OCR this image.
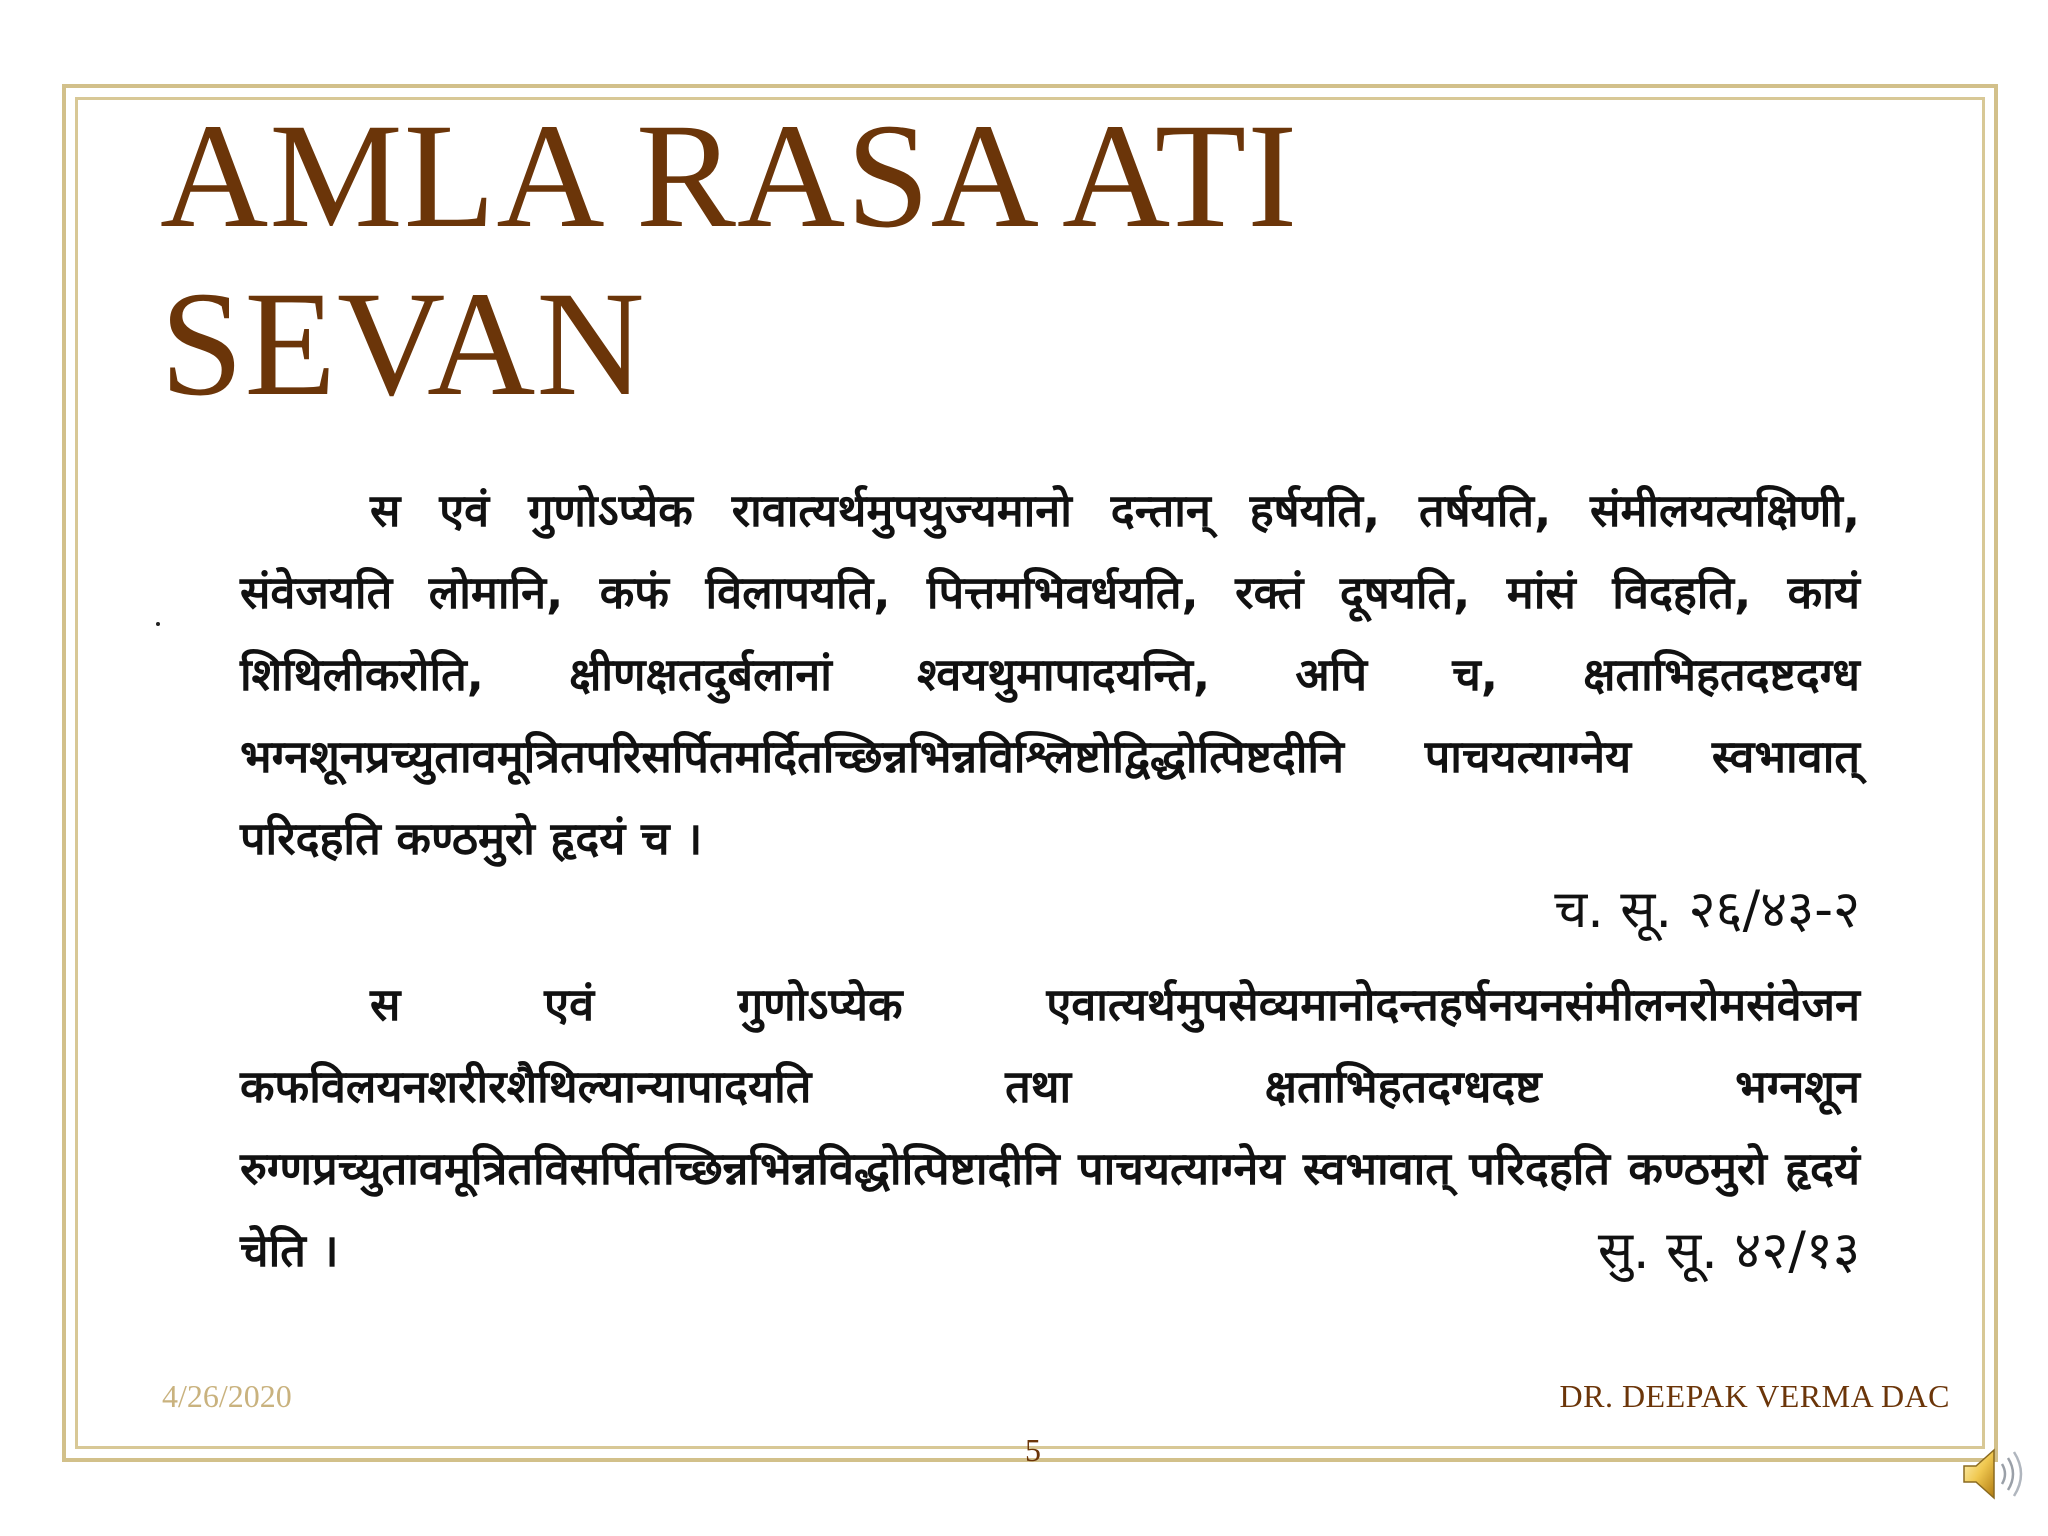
AMLA RASA ATI SEVAN

स एवं गुणोऽप्येक रावात्यर्थमुपयुज्यमानो दन्तान् हर्षयति, तर्षयति, संमीलयत्यक्षिणी, संवेजयति लोमानि, कफं विलापयति, पित्तमभिवर्धयति, रक्तं दूषयति, मांसं विदहति, कायं शिथिलीकरोति, क्षीणक्षतदुर्बलानां श्वयथुमापादयन्ति, अपि च, क्षताभिहतदष्टदग्ध भग्नशूनप्रच्युतावमूत्रितपरिसर्पितमर्दितच्छिन्नभिन्नविश्लिष्टोद्विद्धोत्पिष्टदीनि पाचयत्याग्नेय स्वभावात् परिदहति कण्ठमुरो हृदयं च ।

च. सू. २६/४३-२

स एवं गुणोऽप्येक एवात्यर्थमुपसेव्यमानोदन्तहर्षनयनसंमीलनरोमसंवेजन कफविलयनशरीरशैथिल्यान्यापादयति तथा क्षताभिहतदग्धदष्ट भग्नशून रुग्णप्रच्युतावमूत्रितविसर्पितच्छिन्नभिन्नविद्धोत्पिष्टादीनि पाचयत्याग्नेय स्वभावात् परिदहति कण्ठमुरो हृदयं चेति ।	सु. सू. ४२/१३

4/26/2020	DR. DEEPAK VERMA DAC
5
